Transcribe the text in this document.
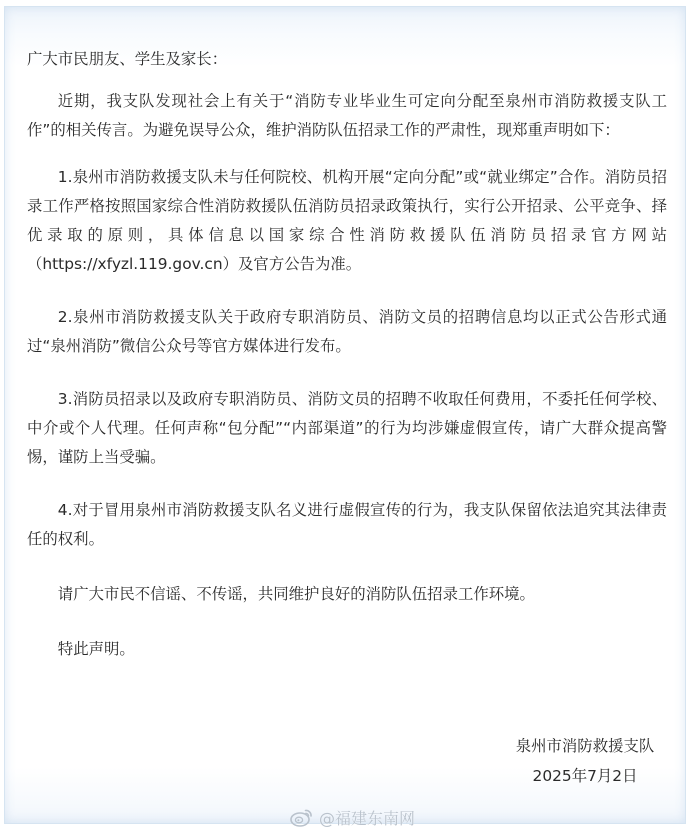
广大市民朋友、学生及家长：

近期，我支队发现社会上有关于“消防专业毕业生可定向分配至泉州市消防救援支队工作”的相关传言。为避免误导公众，维护消防队伍招录工作的严肃性，现郑重声明如下：

1.泉州市消防救援支队未与任何院校、机构开展“定向分配”或“就业绑定”合作。消防员招录工作严格按照国家综合性消防救援队伍消防员招录政策执行，实行公开招录、公平竞争、择优录取的原则，具体信息以国家综合性消防救援队伍消防员招录官方网站（https://xfyzl.119.gov.cn）及官方公告为准。

2.泉州市消防救援支队关于政府专职消防员、消防文员的招聘信息均以正式公告形式通过“泉州消防”微信公众号等官方媒体进行发布。

3.消防员招录以及政府专职消防员、消防文员的招聘不收取任何费用，不委托任何学校、中介或个人代理。任何声称“包分配”“内部渠道”的行为均涉嫌虚假宣传，请广大群众提高警惕，谨防上当受骗。

4.对于冒用泉州市消防救援支队名义进行虚假宣传的行为，我支队保留依法追究其法律责任的权利。

请广大市民不信谣、不传谣，共同维护良好的消防队伍招录工作环境。

特此声明。

泉州市消防救援支队
2025年7月2日
@福建东南网
